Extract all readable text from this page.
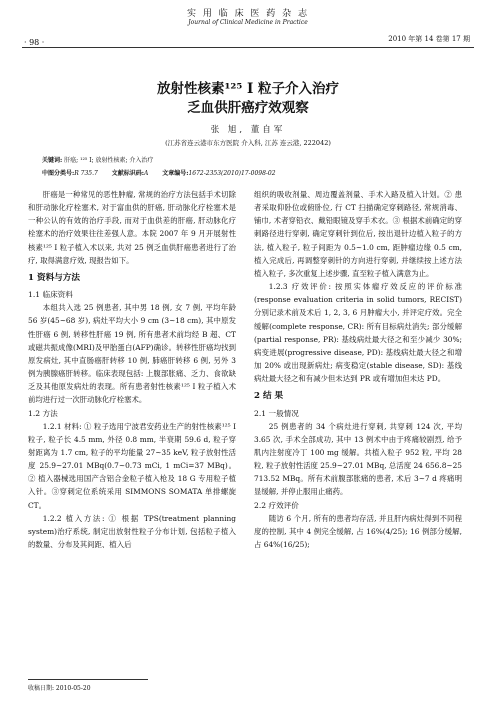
实 用 临 床 医 药 杂 志
Journal of Clinical Medicine in Practice
· 98 ·	2010 年第 14 卷第 17 期
放射性核素¹²⁵ I 粒子介入治疗
乏血供肝癌疗效观察
张 旭, 董自军
(江苏省连云港市东方医院 介入科, 江苏 连云港, 222042)
关键词: 肝癌; ¹²⁵ I; 放射性核素; 介入治疗
中图分类号:R 735.7 文献标识码:A 文章编号:1672-2353(2010)17-0098-02

肝癌是一种常见的恶性肿瘤, 常规的治疗方法包括手术切除和肝动脉化疗栓塞术, 对于富血供的肝癌, 肝动脉化疗栓塞术是一种公认的有效的治疗手段, 而对于血供差的肝癌, 肝动脉化疗栓塞术的治疗效果往往差强人意。本院 2007 年 9 月开展射性核素¹²⁵ I 粒子植入术以来, 共对 25 例乏血供肝癌患者进行了治疗, 取得满意疗效, 现报告如下。

1 资料与方法

1.1 临床资料

本组共入选 25 例患者, 其中男 18 例, 女 7 例, 平均年龄 56 岁(45~68 岁), 病灶平均大小 9 cm (3~18 cm), 其中原发性肝癌 6 例, 转移性肝癌 19 例, 所有患者术前均经 B 超、CT 或磁共振成像(MRI)及甲胎蛋白(AFP)确诊。转移性肝癌均找到原发病灶, 其中直肠癌肝转移 10 例, 肺癌肝转移 6 例, 另外 3 例为胰腺癌肝转移。临床表现包括: 上腹部胀痛、乏力、食欲缺乏及其他原发病灶的表现。所有患者射性核素¹²⁵ I 粒子植入术前均进行过一次肝动脉化疗栓塞术。

1.2 方法

1.2.1 材料: ① 粒子选用宁波君安药业生产的射性核素¹²⁵ I 粒子, 粒子长 4.5 mm, 外径 0.8 mm, 半衰期 59.6 d, 粒子穿射距离为 1.7 cm, 粒子的平均能量 27~35 keV, 粒子放射性活度 25.9~27.01 MBq(0.7~0.73 mCi, 1 mCi=37 MBq)。② 植入器械选用国产含铝合金粒子植入枪及 18 G 专用粒子植入针。③穿刺定位系统采用 SIMMONS SOMATA 单排螺旋 CT。

1.2.2 植入方法: ① 根据 TPS(treatment planning system)治疗系统, 制定出放射性粒子分布计划, 包括粒子植入的数量、分布及其间距、植入后

组织的吸收剂量、周边覆盖剂量、手术入路及植入计划。② 患者采取仰卧位或俯卧位, 行 CT 扫描确定穿刺路径, 常规消毒、铺巾, 术者穿铅衣、戴铅眼镜及穿手术衣。③ 根据术前确定的穿刺路径进行穿刺, 确定穿刺针到位后, 按出退针边植入粒子的方法, 植入粒子, 粒子间距为 0.5~1.0 cm, 距肿瘤边缘 0.5 cm, 植入完成后, 再调整穿刺针的方向进行穿刺, 并继续按上述方法植入粒子, 多次重复上述步骤, 直至粒子植入满意为止。

1.2.3 疗效评价: 按照实体瘤疗效反应的评价标准(response evaluation criteria in solid tumors, RECIST)分别记录术前及术后 1, 2, 3, 6 月肿瘤大小, 并评定疗效。完全缓解(complete response, CR): 所有目标病灶消失; 部分缓解(partial response, PR): 基线病灶最大径之和至少减少 30%; 病变进展(progressive disease, PD): 基线病灶最大径之和增加 20% 或出现新病灶; 病变稳定(stable disease, SD): 基线病灶最大径之和有减少但未达到 PR 或有增加但未达 PD。

2 结 果

2.1 一般情况

25 例患者的 34 个病灶进行穿刺, 共穿刺 124 次, 平均 3.65 次, 手术全部成功, 其中 13 例术中由于疼痛较剧烈, 给予肌内注射度冷丁 100 mg 缓解。共植入粒子 952 粒, 平均 28 粒, 粒子放射性活度 25.9~27.01 MBq, 总活度 24 656.8~25 713.52 MBq。所有术前腹部胀痛的患者, 术后 3~7 d 疼痛明显缓解, 并停止服用止痛药。

2.2 疗效评价

随访 6 个月, 所有的患者均存活, 并且肝内病灶得到不同程度的控制, 其中 4 例完全缓解, 占 16%(4/25); 16 例部分缓解, 占 64%(16/25);

收稿日期: 2010-05-20
